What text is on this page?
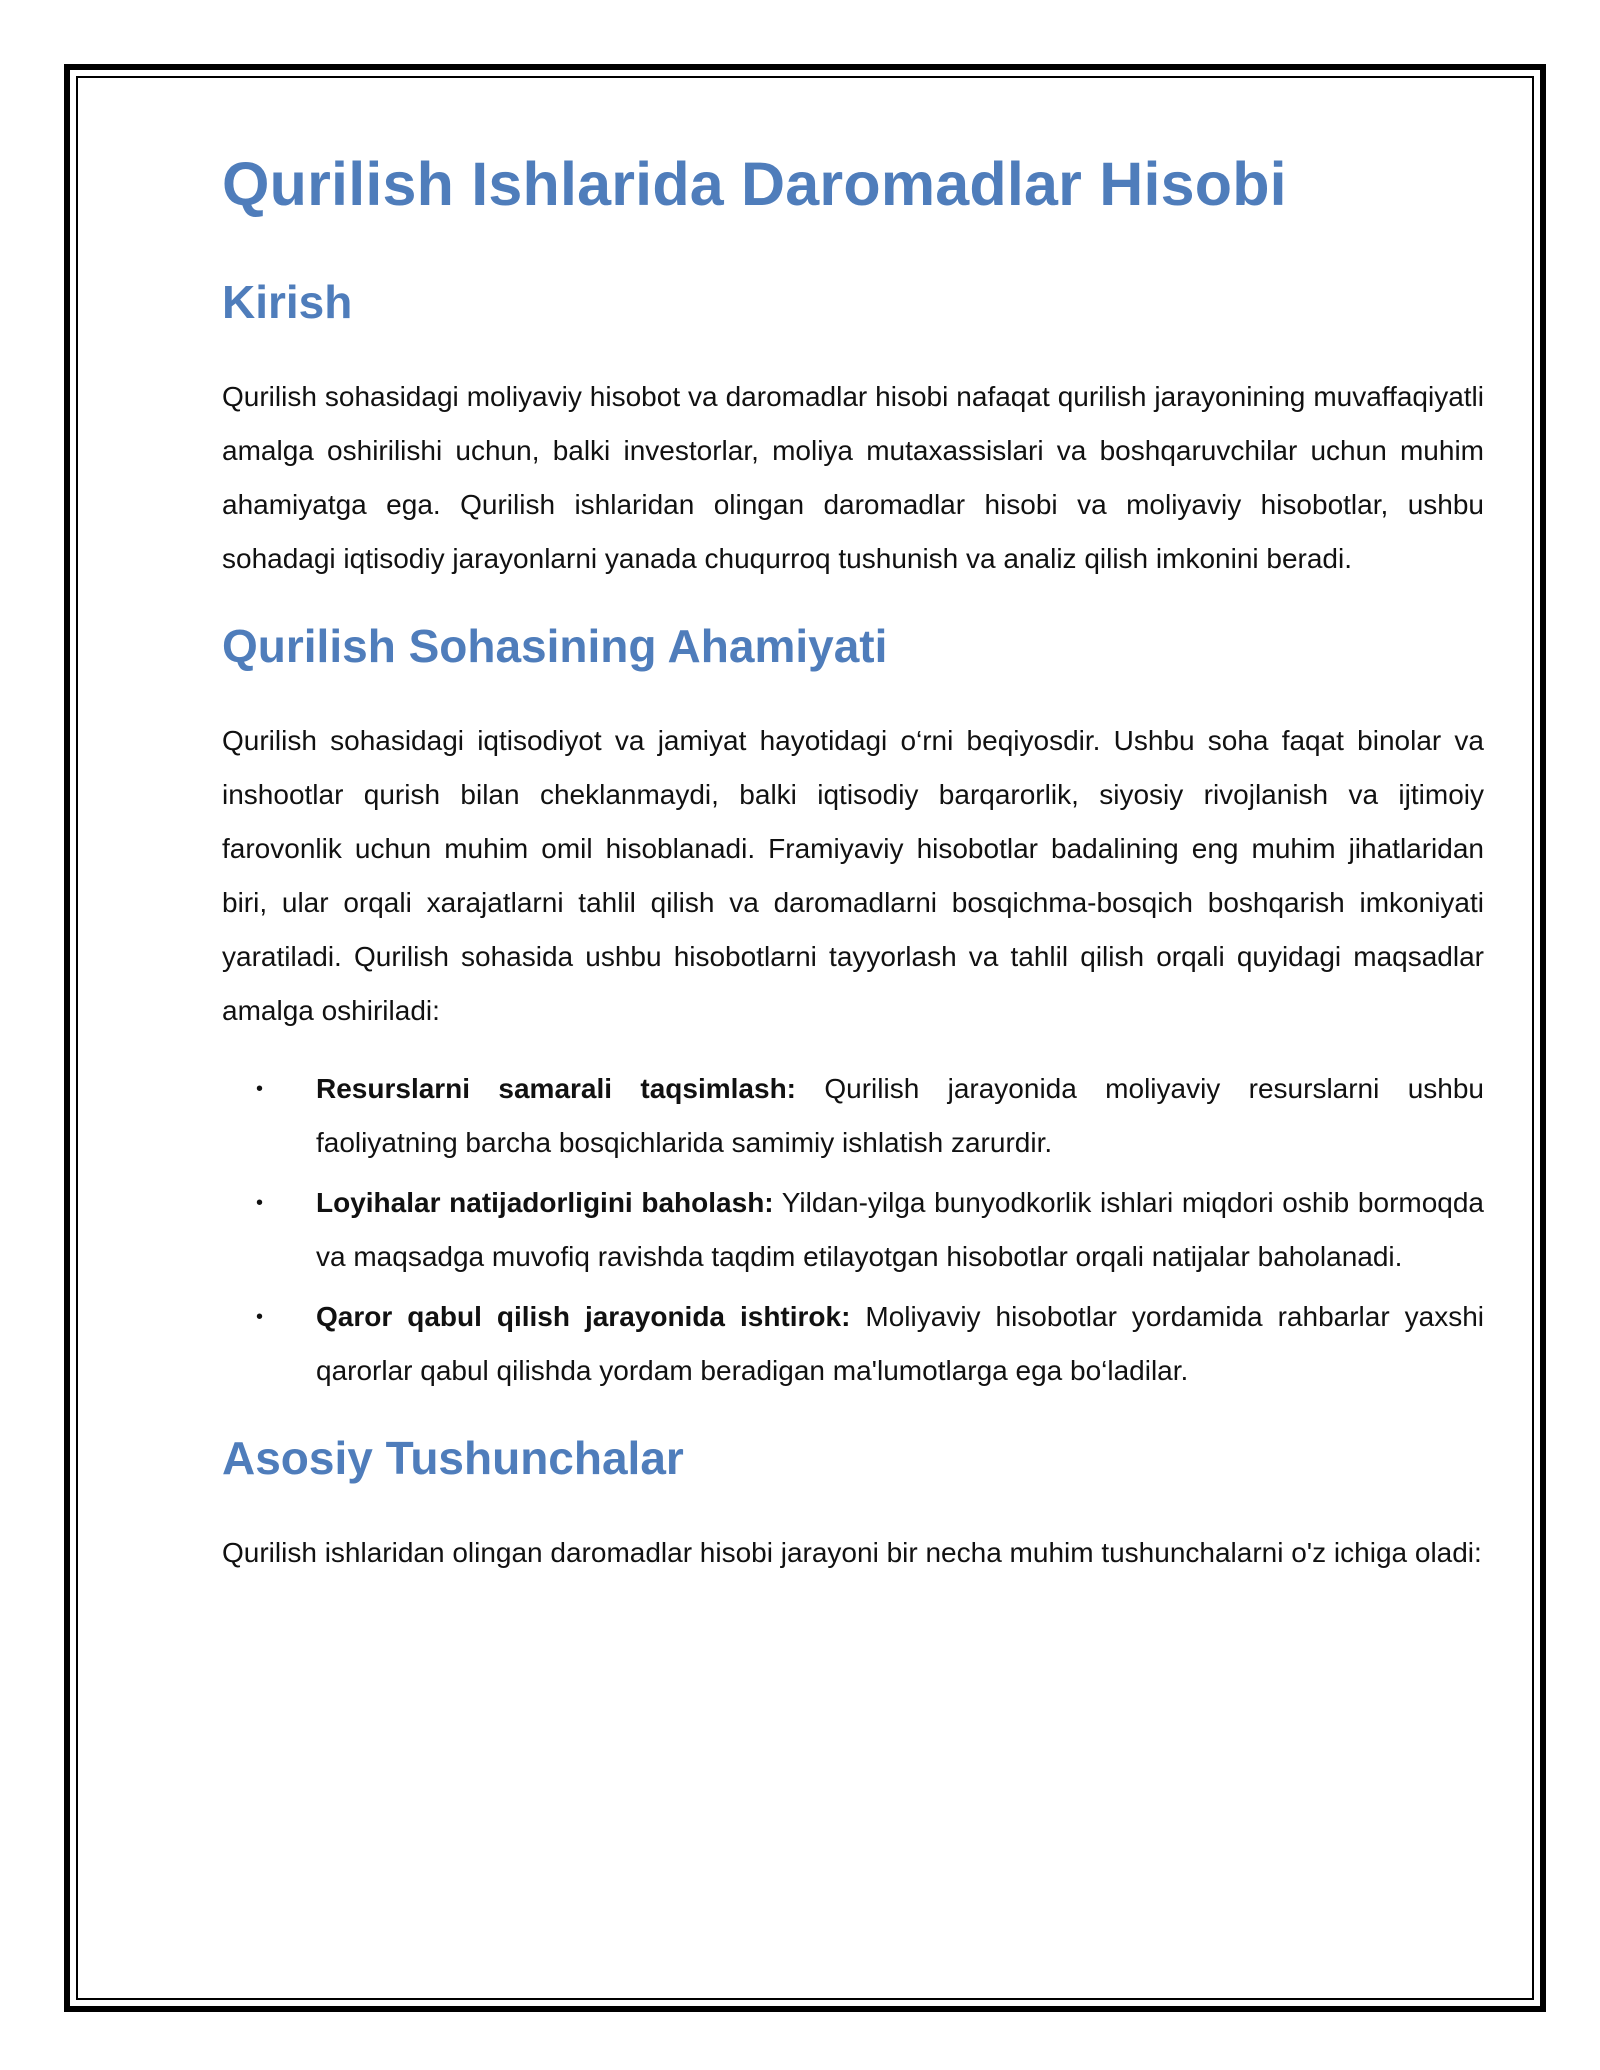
Qurilish Ishlarida Daromadlar Hisobi
Kirish

Qurilish sohasidagi moliyaviy hisobot va daromadlar hisobi nafaqat qurilish jarayonining muvaffaqiyatli amalga oshirilishi uchun, balki investorlar, moliya mutaxassislari va boshqaruvchilar uchun muhim ahamiyatga ega. Qurilish ishlaridan olingan daromadlar hisobi va moliyaviy hisobotlar, ushbu sohadagi iqtisodiy jarayonlarni yanada chuqurroq tushunish va analiz qilish imkonini beradi.

Qurilish Sohasining Ahamiyati

Qurilish sohasidagi iqtisodiyot va jamiyat hayotidagi o‘rni beqiyosdir. Ushbu soha faqat binolar va inshootlar qurish bilan cheklanmaydi, balki iqtisodiy barqarorlik, siyosiy rivojlanish va ijtimoiy farovonlik uchun muhim omil hisoblanadi. Framiyaviy hisobotlar badalining eng muhim jihatlaridan biri, ular orqali xarajatlarni tahlil qilish va daromadlarni bosqichma-bosqich boshqarish imkoniyati yaratiladi. Qurilish sohasida ushbu hisobotlarni tayyorlash va tahlil qilish orqali quyidagi maqsadlar amalga oshiriladi:

• Resurslarni samarali taqsimlash: Qurilish jarayonida moliyaviy resurslarni ushbu faoliyatning barcha bosqichlarida samimiy ishlatish zarurdir.
• Loyihalar natijadorligini baholash: Yildan-yilga bunyodkorlik ishlari miqdori oshib bormoqda va maqsadga muvofiq ravishda taqdim etilayotgan hisobotlar orqali natijalar baholanadi.
• Qaror qabul qilish jarayonida ishtirok: Moliyaviy hisobotlar yordamida rahbarlar yaxshi qarorlar qabul qilishda yordam beradigan ma'lumotlarga ega bo‘ladilar.
Asosiy Tushunchalar

Qurilish ishlaridan olingan daromadlar hisobi jarayoni bir necha muhim tushunchalarni o'z ichiga oladi:
